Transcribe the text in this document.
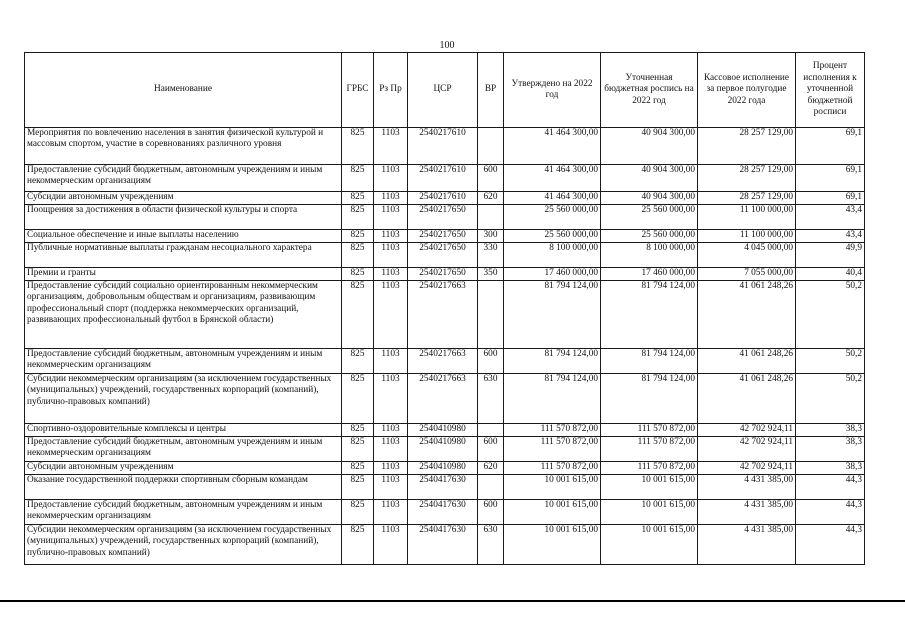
100
Наименование	ГРБС	Рз Пр	ЦСР	ВР	Утверждено на 2022 год	Уточненная бюджетная роспись на 2022 год	Кассовое исполнение за первое полугодие 2022 года	Процент исполнения к уточненной бюджетной росписи
Мероприятия по вовлечению населения в занятия физической культурой и массовым спортом, участие в соревнованиях различного уровня	825	1103	2540217610		41 464 300,00	40 904 300,00	28 257 129,00	69,1
Предоставление субсидий бюджетным, автономным учреждениям и иным некоммерческим организациям	825	1103	2540217610	600	41 464 300,00	40 904 300,00	28 257 129,00	69,1
Субсидии автономным учреждениям	825	1103	2540217610	620	41 464 300,00	40 904 300,00	28 257 129,00	69,1
Поощрения за достижения в области физической культуры и спорта	825	1103	2540217650		25 560 000,00	25 560 000,00	11 100 000,00	43,4
Социальное обеспечение и иные выплаты населению	825	1103	2540217650	300	25 560 000,00	25 560 000,00	11 100 000,00	43,4
Публичные нормативные выплаты гражданам несоциального характера	825	1103	2540217650	330	8 100 000,00	8 100 000,00	4 045 000,00	49,9
Премии и гранты	825	1103	2540217650	350	17 460 000,00	17 460 000,00	7 055 000,00	40,4
Предоставление субсидий социально ориентированным некоммерческим организациям, добровольным обществам и организациям, развивающим профессиональный спорт (поддержка некоммерческих организаций, развивающих профессиональный футбол в Брянской области)	825	1103	2540217663		81 794 124,00	81 794 124,00	41 061 248,26	50,2
Предоставление субсидий бюджетным, автономным учреждениям и иным некоммерческим организациям	825	1103	2540217663	600	81 794 124,00	81 794 124,00	41 061 248,26	50,2
Субсидии некоммерческим организациям (за исключением государственных (муниципальных) учреждений, государственных корпораций (компаний), публично-правовых компаний)	825	1103	2540217663	630	81 794 124,00	81 794 124,00	41 061 248,26	50,2
Спортивно-оздоровительные комплексы и центры	825	1103	2540410980		111 570 872,00	111 570 872,00	42 702 924,11	38,3
Предоставление субсидий бюджетным, автономным учреждениям и иным некоммерческим организациям	825	1103	2540410980	600	111 570 872,00	111 570 872,00	42 702 924,11	38,3
Субсидии автономным учреждениям	825	1103	2540410980	620	111 570 872,00	111 570 872,00	42 702 924,11	38,3
Оказание государственной поддержки спортивным сборным командам	825	1103	2540417630		10 001 615,00	10 001 615,00	4 431 385,00	44,3
Предоставление субсидий бюджетным, автономным учреждениям и иным некоммерческим организациям	825	1103	2540417630	600	10 001 615,00	10 001 615,00	4 431 385,00	44,3
Субсидии некоммерческим организациям (за исключением государственных (муниципальных) учреждений, государственных корпораций (компаний), публично-правовых компаний)	825	1103	2540417630	630	10 001 615,00	10 001 615,00	4 431 385,00	44,3
